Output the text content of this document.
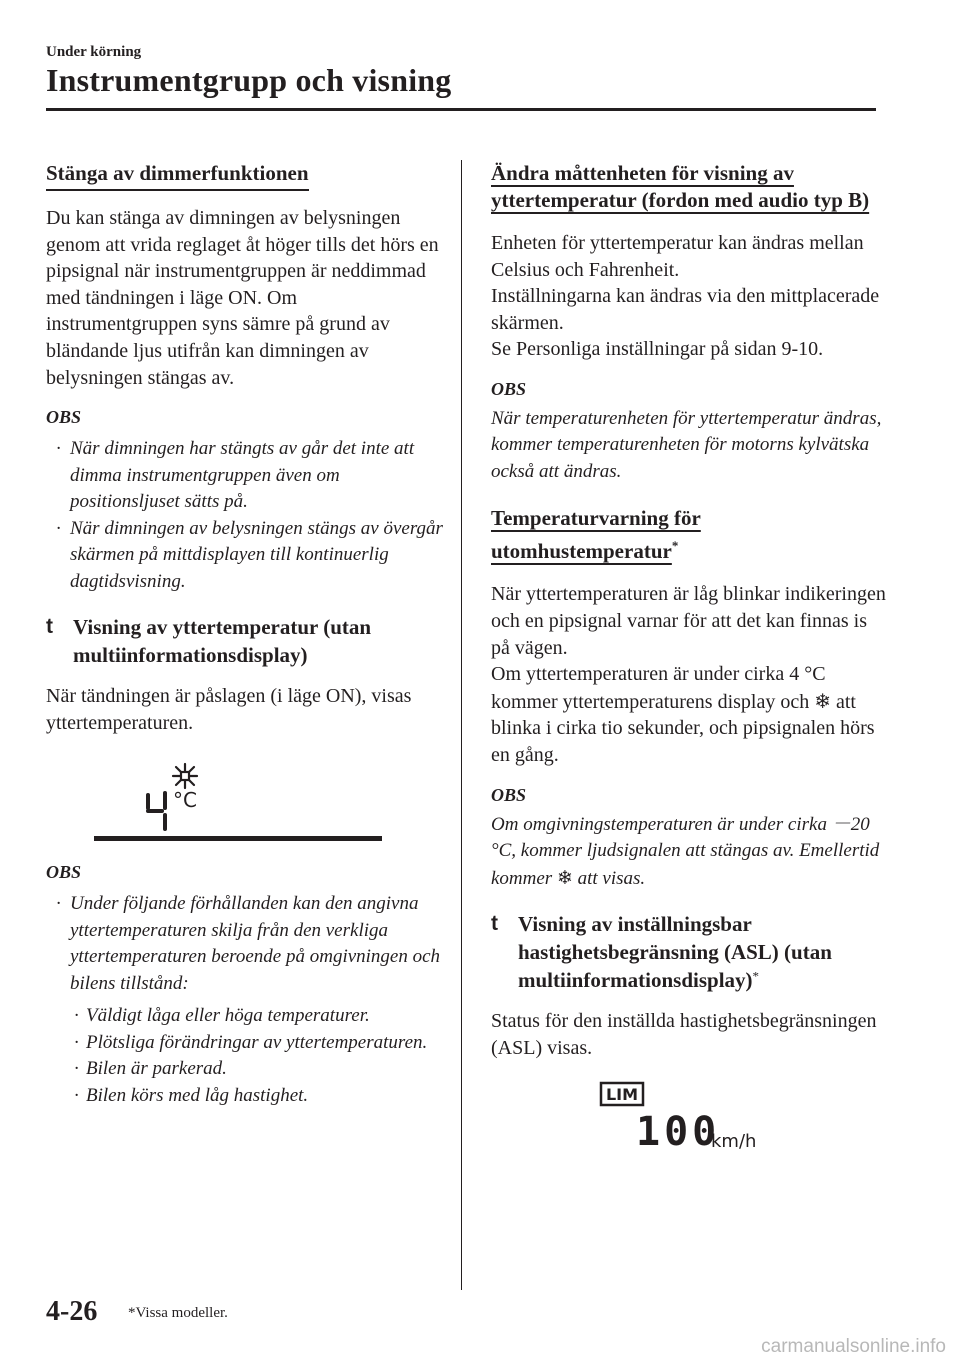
Under körning
Instrumentgrupp och visning
Stänga av dimmerfunktionen

Du kan stänga av dimningen av belysningen genom att vrida reglaget åt höger tills det hörs en pipsignal när instrumentgruppen är neddimmad med tändningen i läge ON. Om instrumentgruppen syns sämre på grund av bländande ljus utifrån kan dimningen av belysningen stängas av.

OBS
· När dimningen har stängts av går det inte att dimma instrumentgruppen även om positionsljuset sätts på.
· När dimningen av belysningen stängs av övergår skärmen på mittdisplayen till kontinuerlig dagtidsvisning.
t Visning av yttertemperatur (utan multiinformationsdisplay)

När tändningen är påslagen (i läge ON), visas yttertemperaturen.

°C
OBS
· Under följande förhållanden kan den angivna yttertemperaturen skilja från den verkliga yttertemperaturen beroende på omgivningen och bilens tillstånd:
· Väldigt låga eller höga temperaturer.
· Plötsliga förändringar av yttertemperaturen.
· Bilen är parkerad.
· Bilen körs med låg hastighet.
Ändra måttenheten för visning av yttertemperatur (fordon med audio typ B)

Enheten för yttertemperatur kan ändras mellan Celsius och Fahrenheit.
Inställningarna kan ändras via den mittplacerade skärmen.
Se Personliga inställningar på sidan 9-10.

OBS
När temperaturenheten för yttertemperatur ändras, kommer temperaturenheten för motorns kylvätska också att ändras.
Temperaturvarning för utomhustemperatur*

När yttertemperaturen är låg blinkar indikeringen och en pipsignal varnar för att det kan finnas is på vägen.
Om yttertemperaturen är under cirka 4 °C kommer yttertemperaturens display och ❄ att blinka i cirka tio sekunder, och pipsignalen hörs en gång.

OBS
Om omgivningstemperaturen är under cirka －20 °C, kommer ljudsignalen att stängas av. Emellertid kommer ❄ att visas.
t Visning av inställningsbar hastighetsbegränsning (ASL) (utan multiinformationsdisplay)*

Status för den inställda hastighetsbegränsningen (ASL) visas.

LIM
100
km/h
4-26 *Vissa modeller.
carmanualsonline.info
